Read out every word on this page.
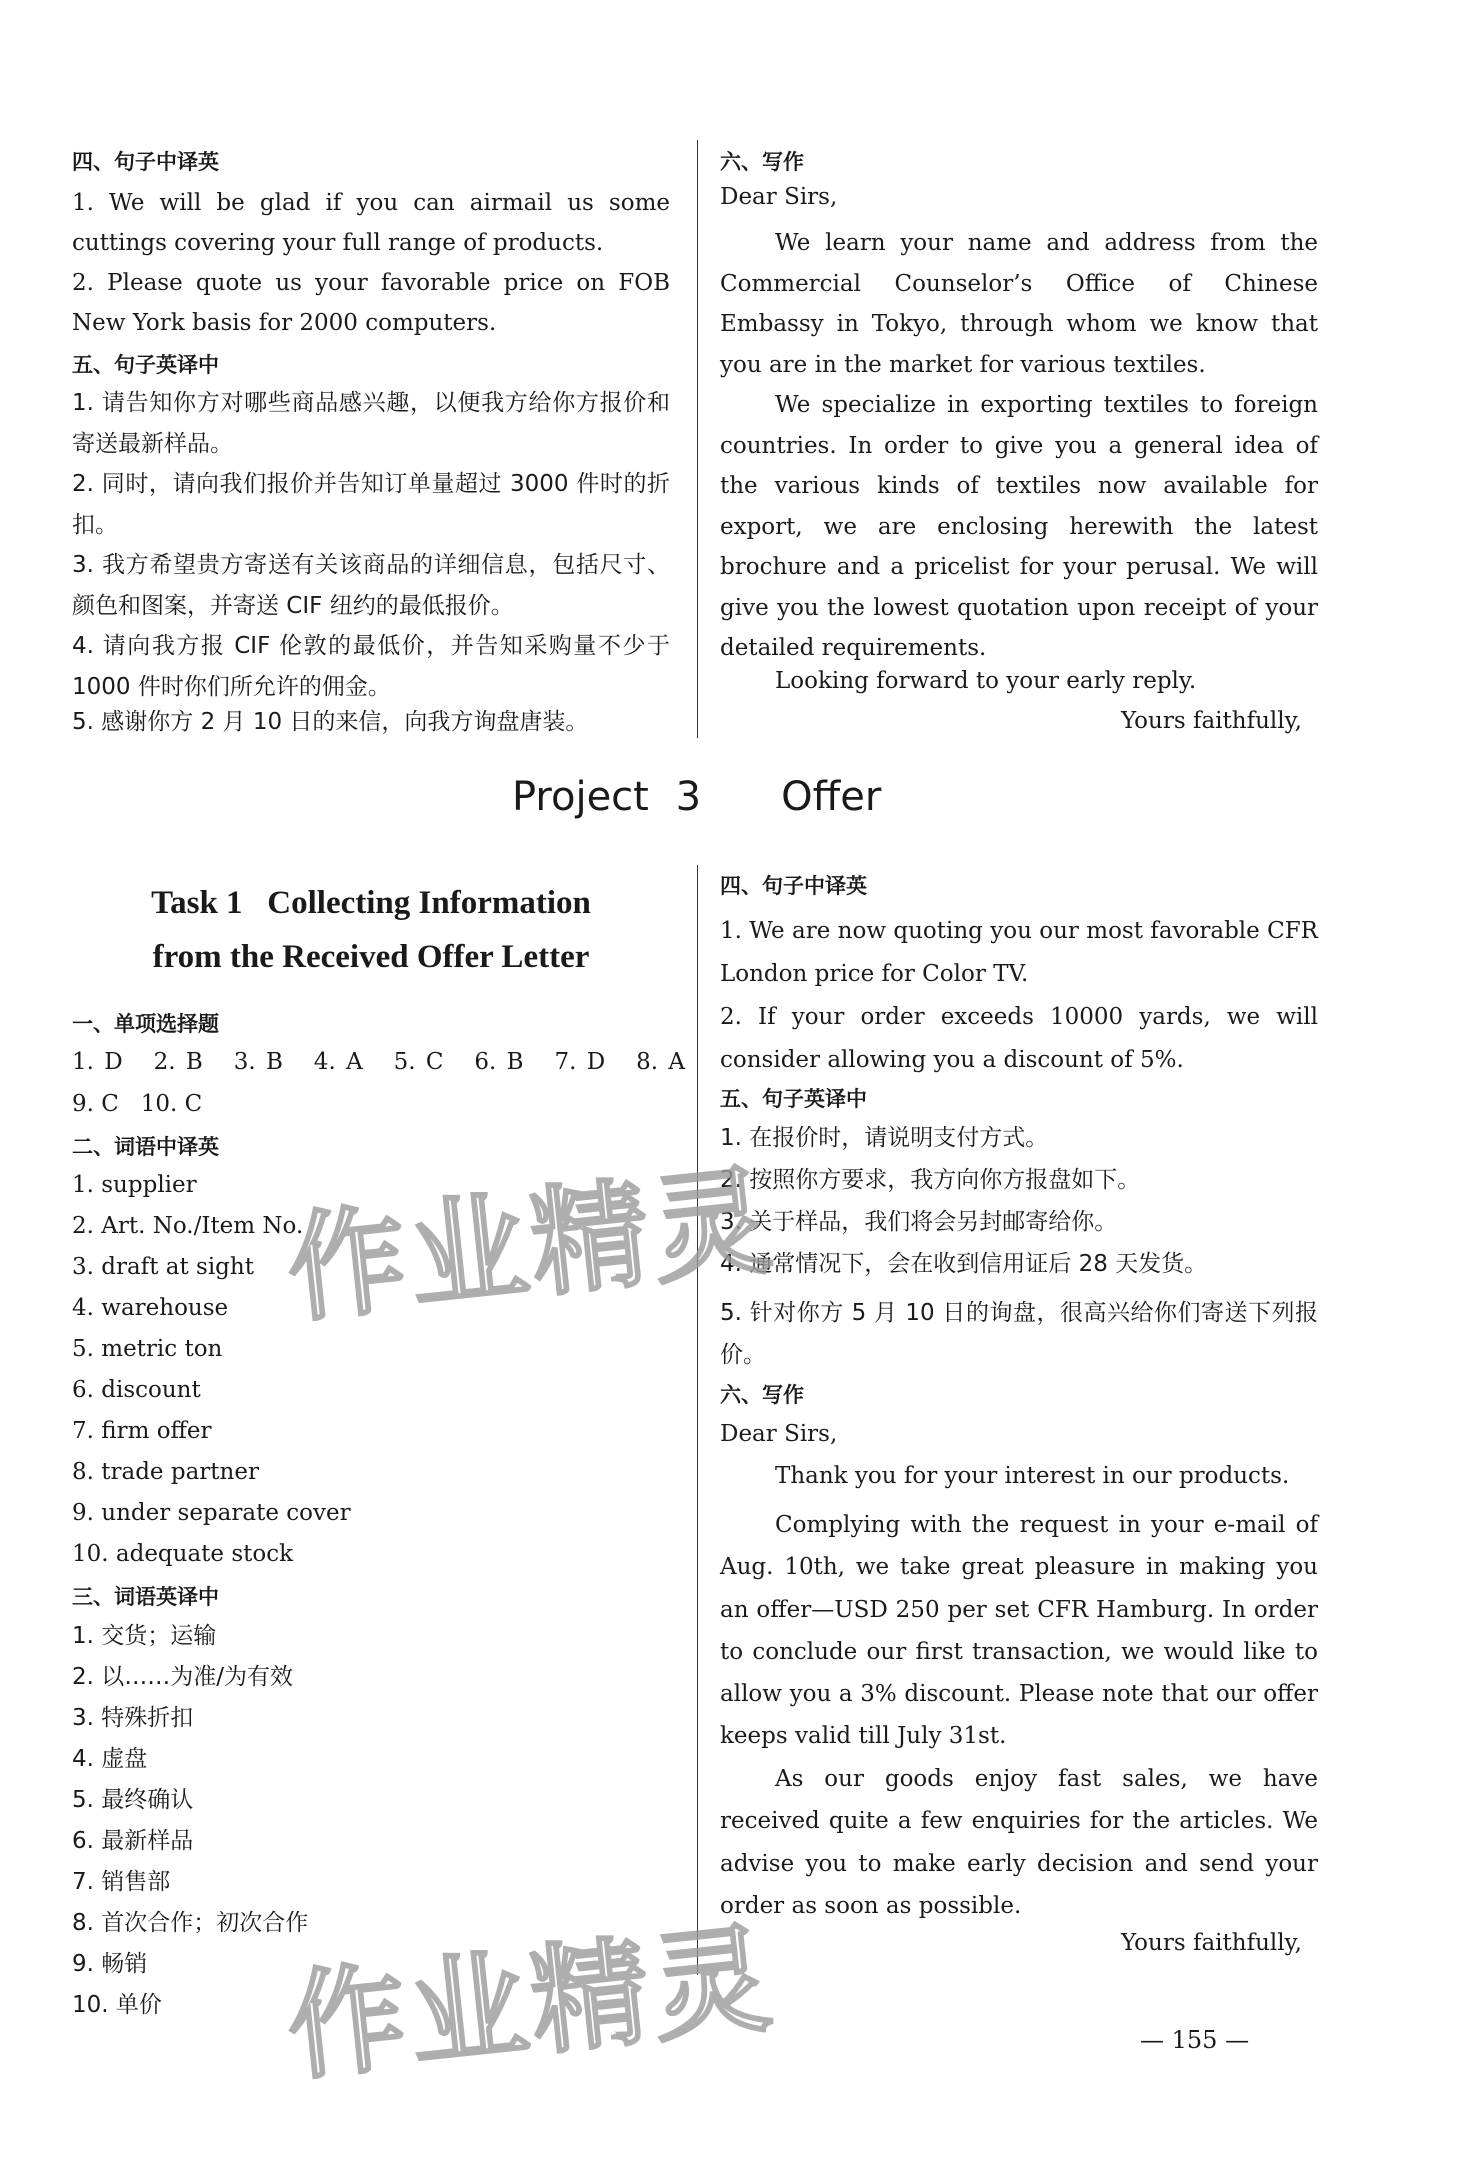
四、句子中译英
1. We will be glad if you can airmail us some cuttings covering your full range of products.
2. Please quote us your favorable price on FOB New York basis for 2000 computers.
五、句子英译中
1. 请告知你方对哪些商品感兴趣，以便我方给你方报价和寄送最新样品。
2. 同时，请向我们报价并告知订单量超过 3000 件时的折扣。
3. 我方希望贵方寄送有关该商品的详细信息，包括尺寸、颜色和图案，并寄送 CIF 纽约的最低报价。
4. 请向我方报 CIF 伦敦的最低价，并告知采购量不少于 1000 件时你们所允许的佣金。
5. 感谢你方 2 月 10 日的来信，向我方询盘唐装。
六、写作
Dear Sirs,
We learn your name and address from the Commercial Counselor’s Office of Chinese Embassy in Tokyo, through whom we know that you are in the market for various textiles.
We specialize in exporting textiles to foreign countries. In order to give you a general idea of the various kinds of textiles now available for export, we are enclosing herewith the latest brochure and a pricelist for your perusal. We will give you the lowest quotation upon receipt of your detailed requirements.
Looking forward to your early reply.
Yours faithfully,
Project 3   Offer
Task 1   Collecting Information
from the Received Offer Letter
一、单项选择题
1. D   2. B   3. B   4. A   5. C   6. B   7. D   8. A
9. C   10. C
二、词语中译英
1. supplier
2. Art. No./Item No.
3. draft at sight
4. warehouse
5. metric ton
6. discount
7. firm offer
8. trade partner
9. under separate cover
10. adequate stock
三、词语英译中
1. 交货；运输
2. 以……为准/为有效
3. 特殊折扣
4. 虚盘
5. 最终确认
6. 最新样品
7. 销售部
8. 首次合作；初次合作
9. 畅销
10. 单价
四、句子中译英
1. We are now quoting you our most favorable CFR London price for Color TV.
2. If your order exceeds 10000 yards, we will consider allowing you a discount of 5%.
五、句子英译中
1. 在报价时，请说明支付方式。
2. 按照你方要求，我方向你方报盘如下。
3. 关于样品，我们将会另封邮寄给你。
4. 通常情况下，会在收到信用证后 28 天发货。
5. 针对你方 5 月 10 日的询盘，很高兴给你们寄送下列报价。
六、写作
Dear Sirs,
Thank you for your interest in our products.
Complying with the request in your e-mail of Aug. 10th, we take great pleasure in making you an offer—USD 250 per set CFR Hamburg. In order to conclude our first transaction, we would like to allow you a 3% discount. Please note that our offer keeps valid till July 31st.
As our goods enjoy fast sales, we have received quite a few enquiries for the articles. We advise you to make early decision and send your order as soon as possible.
Yours faithfully,
作业精灵
作业精灵	— 155 —
